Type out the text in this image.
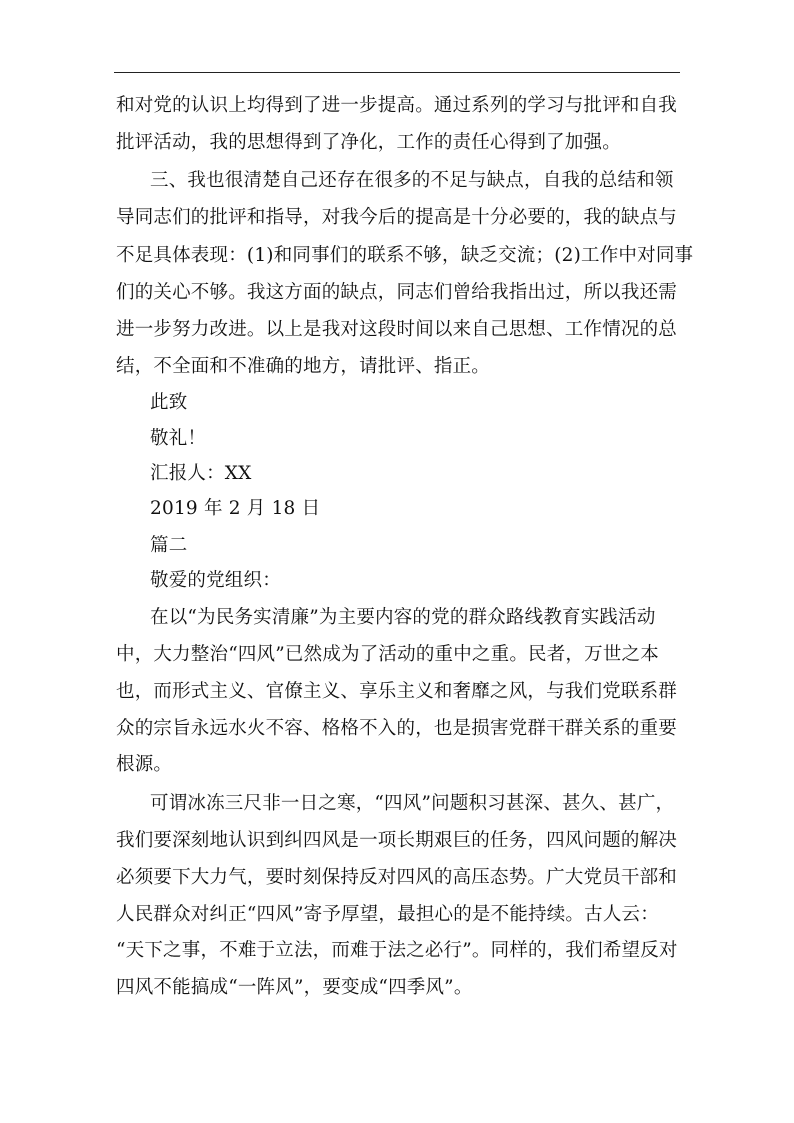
和对党的认识上均得到了进一步提高。通过系列的学习与批评和自我
批评活动，我的思想得到了净化，工作的责任心得到了加强。
三、我也很清楚自己还存在很多的不足与缺点，自我的总结和领
导同志们的批评和指导，对我今后的提高是十分必要的，我的缺点与
不足具体表现：(1)和同事们的联系不够，缺乏交流；(2)工作中对同事
们的关心不够。我这方面的缺点，同志们曾给我指出过，所以我还需
进一步努力改进。以上是我对这段时间以来自己思想、工作情况的总
结，不全面和不准确的地方，请批评、指正。
此致
敬礼！
汇报人：XX
2019 年 2 月 18 日
篇二
敬爱的党组织：
在以“为民务实清廉”为主要内容的党的群众路线教育实践活动
中，大力整治“四风”已然成为了活动的重中之重。民者，万世之本
也，而形式主义、官僚主义、享乐主义和奢靡之风，与我们党联系群
众的宗旨永远水火不容、格格不入的，也是损害党群干群关系的重要
根源。
可谓冰冻三尺非一日之寒，“四风”问题积习甚深、甚久、甚广，
我们要深刻地认识到纠四风是一项长期艰巨的任务，四风问题的解决
必须要下大力气，要时刻保持反对四风的高压态势。广大党员干部和
人民群众对纠正“四风”寄予厚望，最担心的是不能持续。古人云：
“天下之事，不难于立法，而难于法之必行”。同样的，我们希望反对
四风不能搞成“一阵风”，要变成“四季风”。
